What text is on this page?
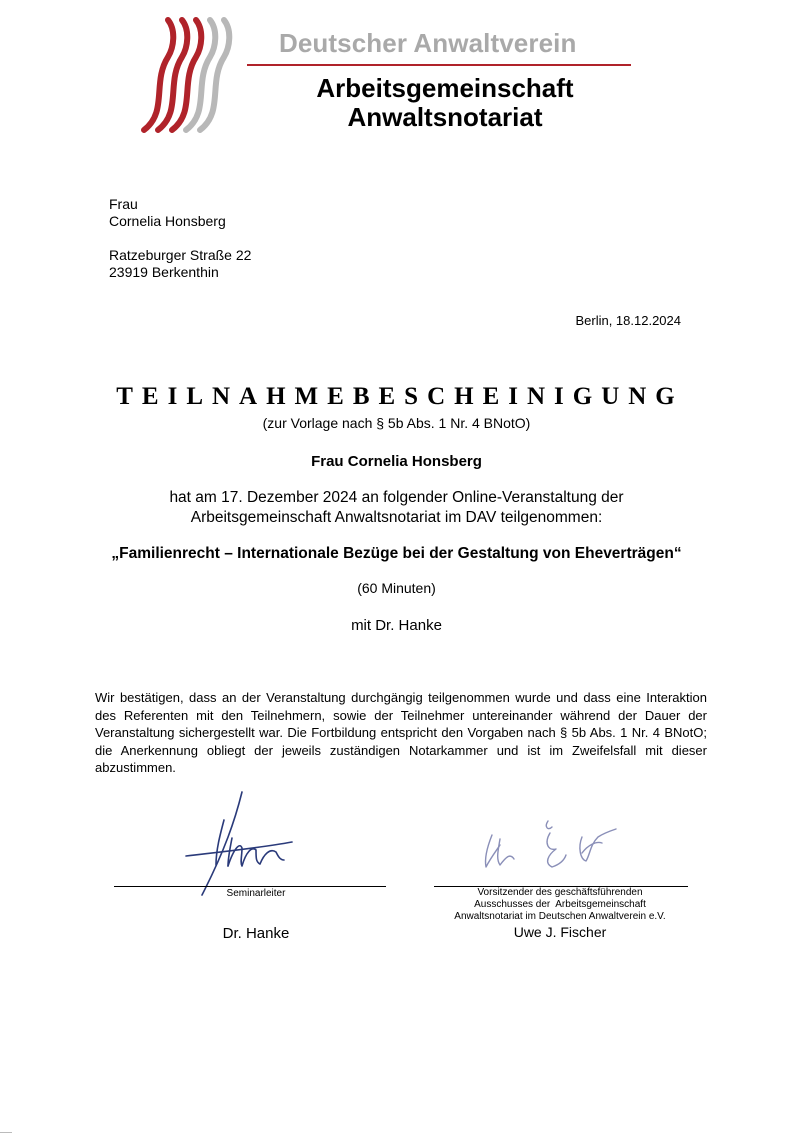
Deutscher Anwaltverein
Arbeitsgemeinschaft
Anwaltsnotariat
Frau
Cornelia Honsberg
Ratzeburger Straße 22
23919 Berkenthin
Berlin, 18.12.2024
TEILNAHMEBESCHEINIGUNG
(zur Vorlage nach § 5b Abs. 1 Nr. 4 BNotO)
Frau Cornelia Honsberg
hat am 17. Dezember 2024 an folgender Online-Veranstaltung der
Arbeitsgemeinschaft Anwaltsnotariat im DAV teilgenommen:
„Familienrecht – Internationale Bezüge bei der Gestaltung von Eheverträgen“
(60 Minuten)
mit Dr. Hanke
Wir bestätigen, dass an der Veranstaltung durchgängig teilgenommen wurde und dass eine Interaktion des Referenten mit den Teilnehmern, sowie der Teilnehmer untereinander während der Dauer der Veranstaltung sichergestellt war. Die Fortbildung entspricht den Vorgaben nach § 5b Abs. 1 Nr. 4 BNotO; die Anerkennung obliegt der jeweils zuständigen Notarkammer und ist im Zweifelsfall mit dieser abzustimmen.
Seminarleiter
Dr. Hanke
Vorsitzender des geschäftsführenden
Ausschusses der  Arbeitsgemeinschaft
Anwaltsnotariat im Deutschen Anwaltverein e.V.
Uwe J. Fischer
